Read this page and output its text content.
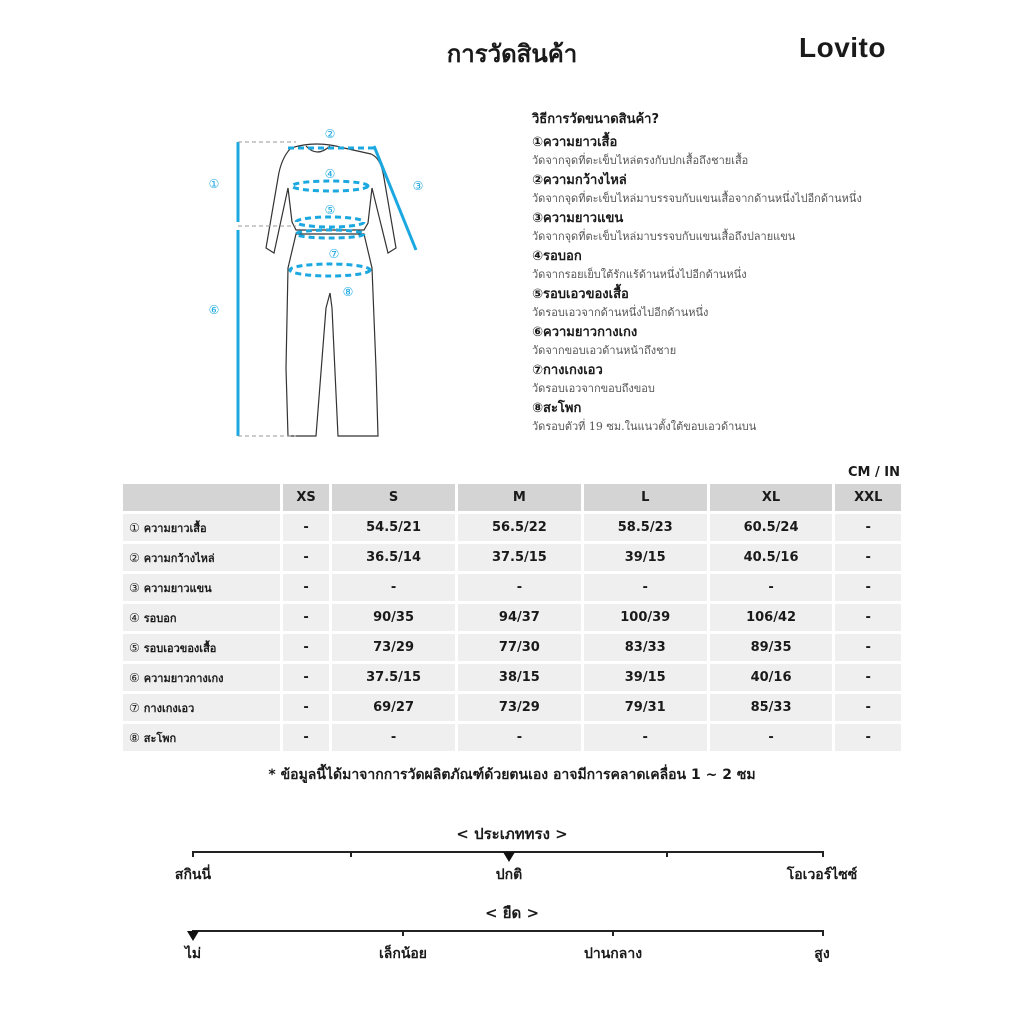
การวัดสินค้า	Lovito
①
②
③
④
⑤
⑥
⑦
⑧
วิธีการวัดขนาดสินค้า?
①ความยาวเสื้อ
วัดจากจุดที่ตะเข็บไหล่ตรงกับปกเสื้อถึงชายเสื้อ
②ความกว้างไหล่
วัดจากจุดที่ตะเข็บไหล่มาบรรจบกับแขนเสื้อจากด้านหนึ่งไปอีกด้านหนึ่ง
③ความยาวแขน
วัดจากจุดที่ตะเข็บไหล่มาบรรจบกับแขนเสื้อถึงปลายแขน
④รอบอก
วัดจากรอยเย็บใต้รักแร้ด้านหนึ่งไปอีกด้านหนึ่ง
⑤รอบเอวของเสื้อ
วัดรอบเอวจากด้านหนึ่งไปอีกด้านหนึ่ง
⑥ความยาวกางเกง
วัดจากขอบเอวด้านหน้าถึงชาย
⑦กางเกงเอว
วัดรอบเอวจากขอบถึงขอบ
⑧สะโพก
วัดรอบตัวที่ 19 ซม.ในแนวตั้งใต้ขอบเอวด้านบน
CM / IN
	XS	S	M	L	XL	XXL
① ความยาวเสื้อ	-	54.5/21	56.5/22	58.5/23	60.5/24	-
② ความกว้างไหล่	-	36.5/14	37.5/15	39/15	40.5/16	-
③ ความยาวแขน	-	-	-	-	-	-
④ รอบอก	-	90/35	94/37	100/39	106/42	-
⑤ รอบเอวของเสื้อ	-	73/29	77/30	83/33	89/35	-
⑥ ความยาวกางเกง	-	37.5/15	38/15	39/15	40/16	-
⑦ กางเกงเอว	-	69/27	73/29	79/31	85/33	-
⑧ สะโพก	-	-	-	-	-	-
* ข้อมูลนี้ได้มาจากการวัดผลิตภัณฑ์ด้วยตนเอง อาจมีการคลาดเคลื่อน 1 ~ 2 ซม
< ประเภททรง >
สกินนี่	ปกติ	โอเวอร์ไซซ์
< ยืด >
ไม่	เล็กน้อย	ปานกลาง	สูง
